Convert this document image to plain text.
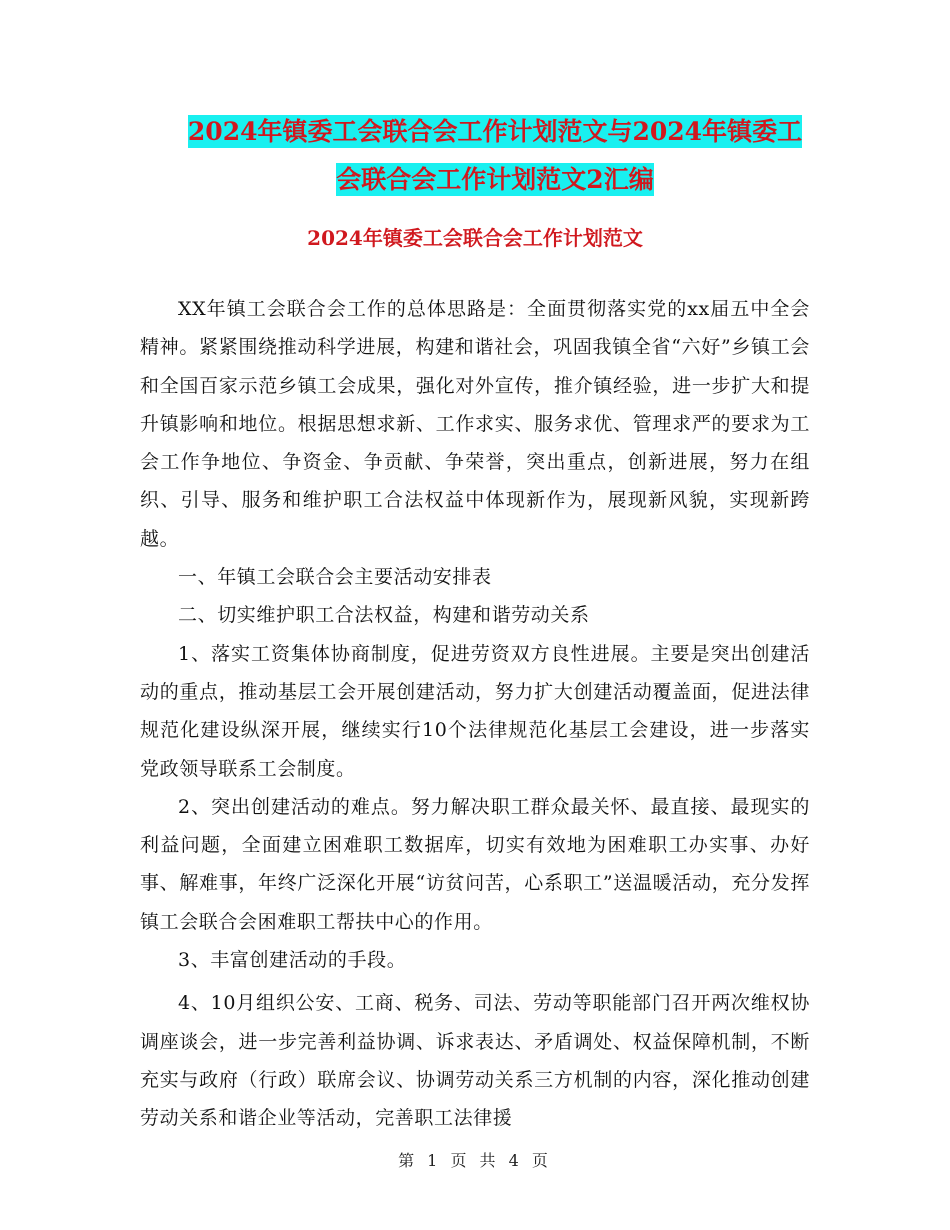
2024年镇委工会联合会工作计划范文与2024年镇委工
会联合会工作计划范文2汇编
2024年镇委工会联合会工作计划范文

XX年镇工会联合会工作的总体思路是：全面贯彻落实党的xx届五中全会精神。紧紧围绕推动科学进展，构建和谐社会，巩固我镇全省“六好”乡镇工会和全国百家示范乡镇工会成果，强化对外宣传，推介镇经验，进一步扩大和提升镇影响和地位。根据思想求新、工作求实、服务求优、管理求严的要求为工会工作争地位、争资金、争贡献、争荣誉，突出重点，创新进展，努力在组织、引导、服务和维护职工合法权益中体现新作为，展现新风貌，实现新跨越。

一、年镇工会联合会主要活动安排表

二、切实维护职工合法权益，构建和谐劳动关系

1、落实工资集体协商制度，促进劳资双方良性进展。主要是突出创建活动的重点，推动基层工会开展创建活动，努力扩大创建活动覆盖面，促进法律规范化建设纵深开展，继续实行10个法律规范化基层工会建设，进一步落实党政领导联系工会制度。

2、突出创建活动的难点。努力解决职工群众最关怀、最直接、最现实的利益问题，全面建立困难职工数据库，切实有效地为困难职工办实事、办好事、解难事，年终广泛深化开展“访贫问苦，心系职工”送温暖活动，充分发挥镇工会联合会困难职工帮扶中心的作用。

3、丰富创建活动的手段。

4、10月组织公安、工商、税务、司法、劳动等职能部门召开两次维权协调座谈会，进一步完善利益协调、诉求表达、矛盾调处、权益保障机制，不断充实与政府（行政）联席会议、协调劳动关系三方机制的内容，深化推动创建劳动关系和谐企业等活动，完善职工法律援

第 1 页 共 4 页
